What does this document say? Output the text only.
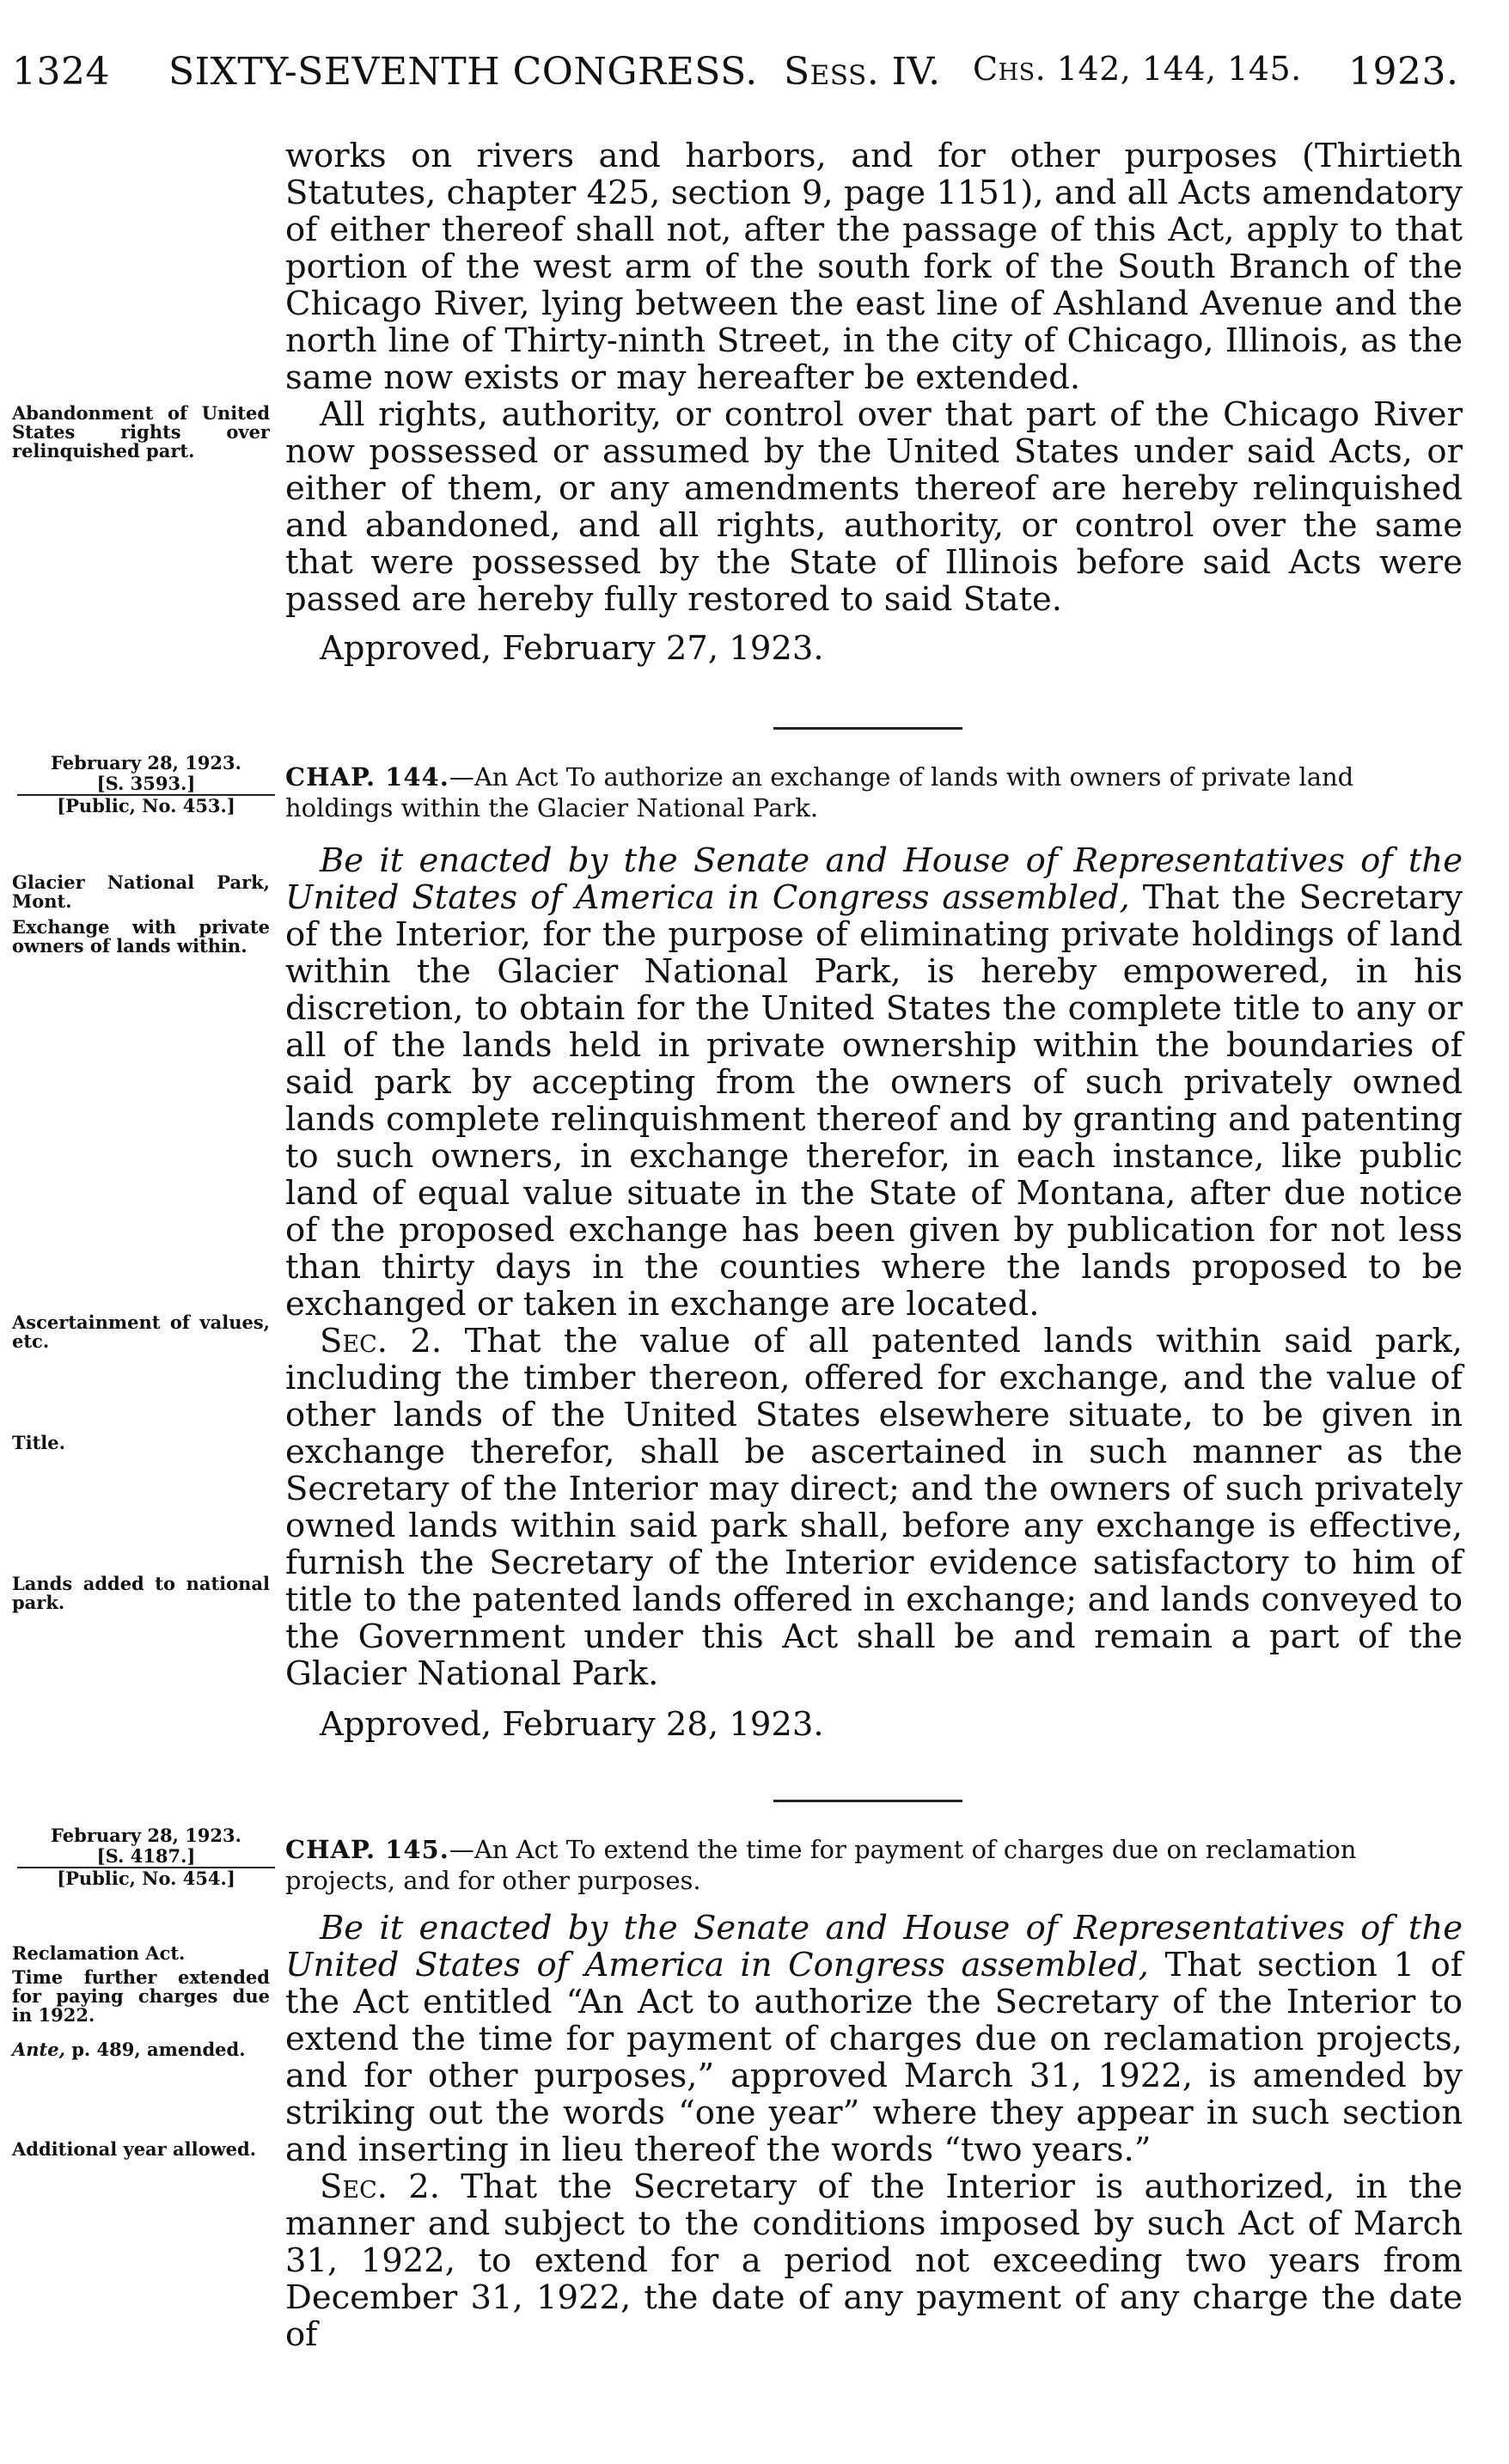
1324 SIXTY-SEVENTH CONGRESS. Sess. IV. Chs. 142, 144, 145. 1923.

works on rivers and harbors, and for other purposes (Thirtieth Statutes, chapter 425, section 9, page 1151), and all Acts amendatory of either thereof shall not, after the passage of this Act, apply to that portion of the west arm of the south fork of the South Branch of the Chicago River, lying between the east line of Ashland Avenue and the north line of Thirty-ninth Street, in the city of Chicago, Illinois, as the same now exists or may hereafter be extended.

All rights, authority, or control over that part of the Chicago River now possessed or assumed by the United States under said Acts, or either of them, or any amendments thereof are hereby relinquished and abandoned, and all rights, authority, or control over the same that were possessed by the State of Illinois before said Acts were passed are hereby fully restored to said State.

Abandonment of United States rights over relinquished part.
Approved, February 27, 1923.
February 28, 1923.
[S. 3593.]
[Public, No. 453.]
CHAP. 144.—An Act To authorize an exchange of lands with owners of private land holdings within the Glacier National Park.

Be it enacted by the Senate and House of Representatives of the United States of America in Congress assembled, That the Secretary of the Interior, for the purpose of eliminating private holdings of land within the Glacier National Park, is hereby empowered, in his discretion, to obtain for the United States the complete title to any or all of the lands held in private ownership within the boundaries of said park by accepting from the owners of such privately owned lands complete relinquishment thereof and by granting and patenting to such owners, in exchange therefor, in each instance, like public land of equal value situate in the State of Montana, after due notice of the proposed exchange has been given by publication for not less than thirty days in the counties where the lands proposed to be exchanged or taken in exchange are located.

Sec. 2. That the value of all patented lands within said park, including the timber thereon, offered for exchange, and the value of other lands of the United States elsewhere situate, to be given in exchange therefor, shall be ascertained in such manner as the Secretary of the Interior may direct; and the owners of such privately owned lands within said park shall, before any exchange is effective, furnish the Secretary of the Interior evidence satisfactory to him of title to the patented lands offered in exchange; and lands conveyed to the Government under this Act shall be and remain a part of the Glacier National Park.

Glacier National Park, Mont.
Exchange with private owners of lands within.
Ascertainment of values, etc.
Title.
Lands added to national park.
Approved, February 28, 1923.
February 28, 1923.
[S. 4187.]
[Public, No. 454.]
CHAP. 145.—An Act To extend the time for payment of charges due on reclamation projects, and for other purposes.

Be it enacted by the Senate and House of Representatives of the United States of America in Congress assembled, That section 1 of the Act entitled “An Act to authorize the Secretary of the Interior to extend the time for payment of charges due on reclamation projects, and for other purposes,” approved March 31, 1922, is amended by striking out the words “one year” where they appear in such section and inserting in lieu thereof the words “two years.”

Sec. 2. That the Secretary of the Interior is authorized, in the manner and subject to the conditions imposed by such Act of March 31, 1922, to extend for a period not exceeding two years from December 31, 1922, the date of any payment of any charge the date of

Reclamation Act.
Time further extended for paying charges due in 1922.
Ante, p. 489, amended.
Additional year allowed.
